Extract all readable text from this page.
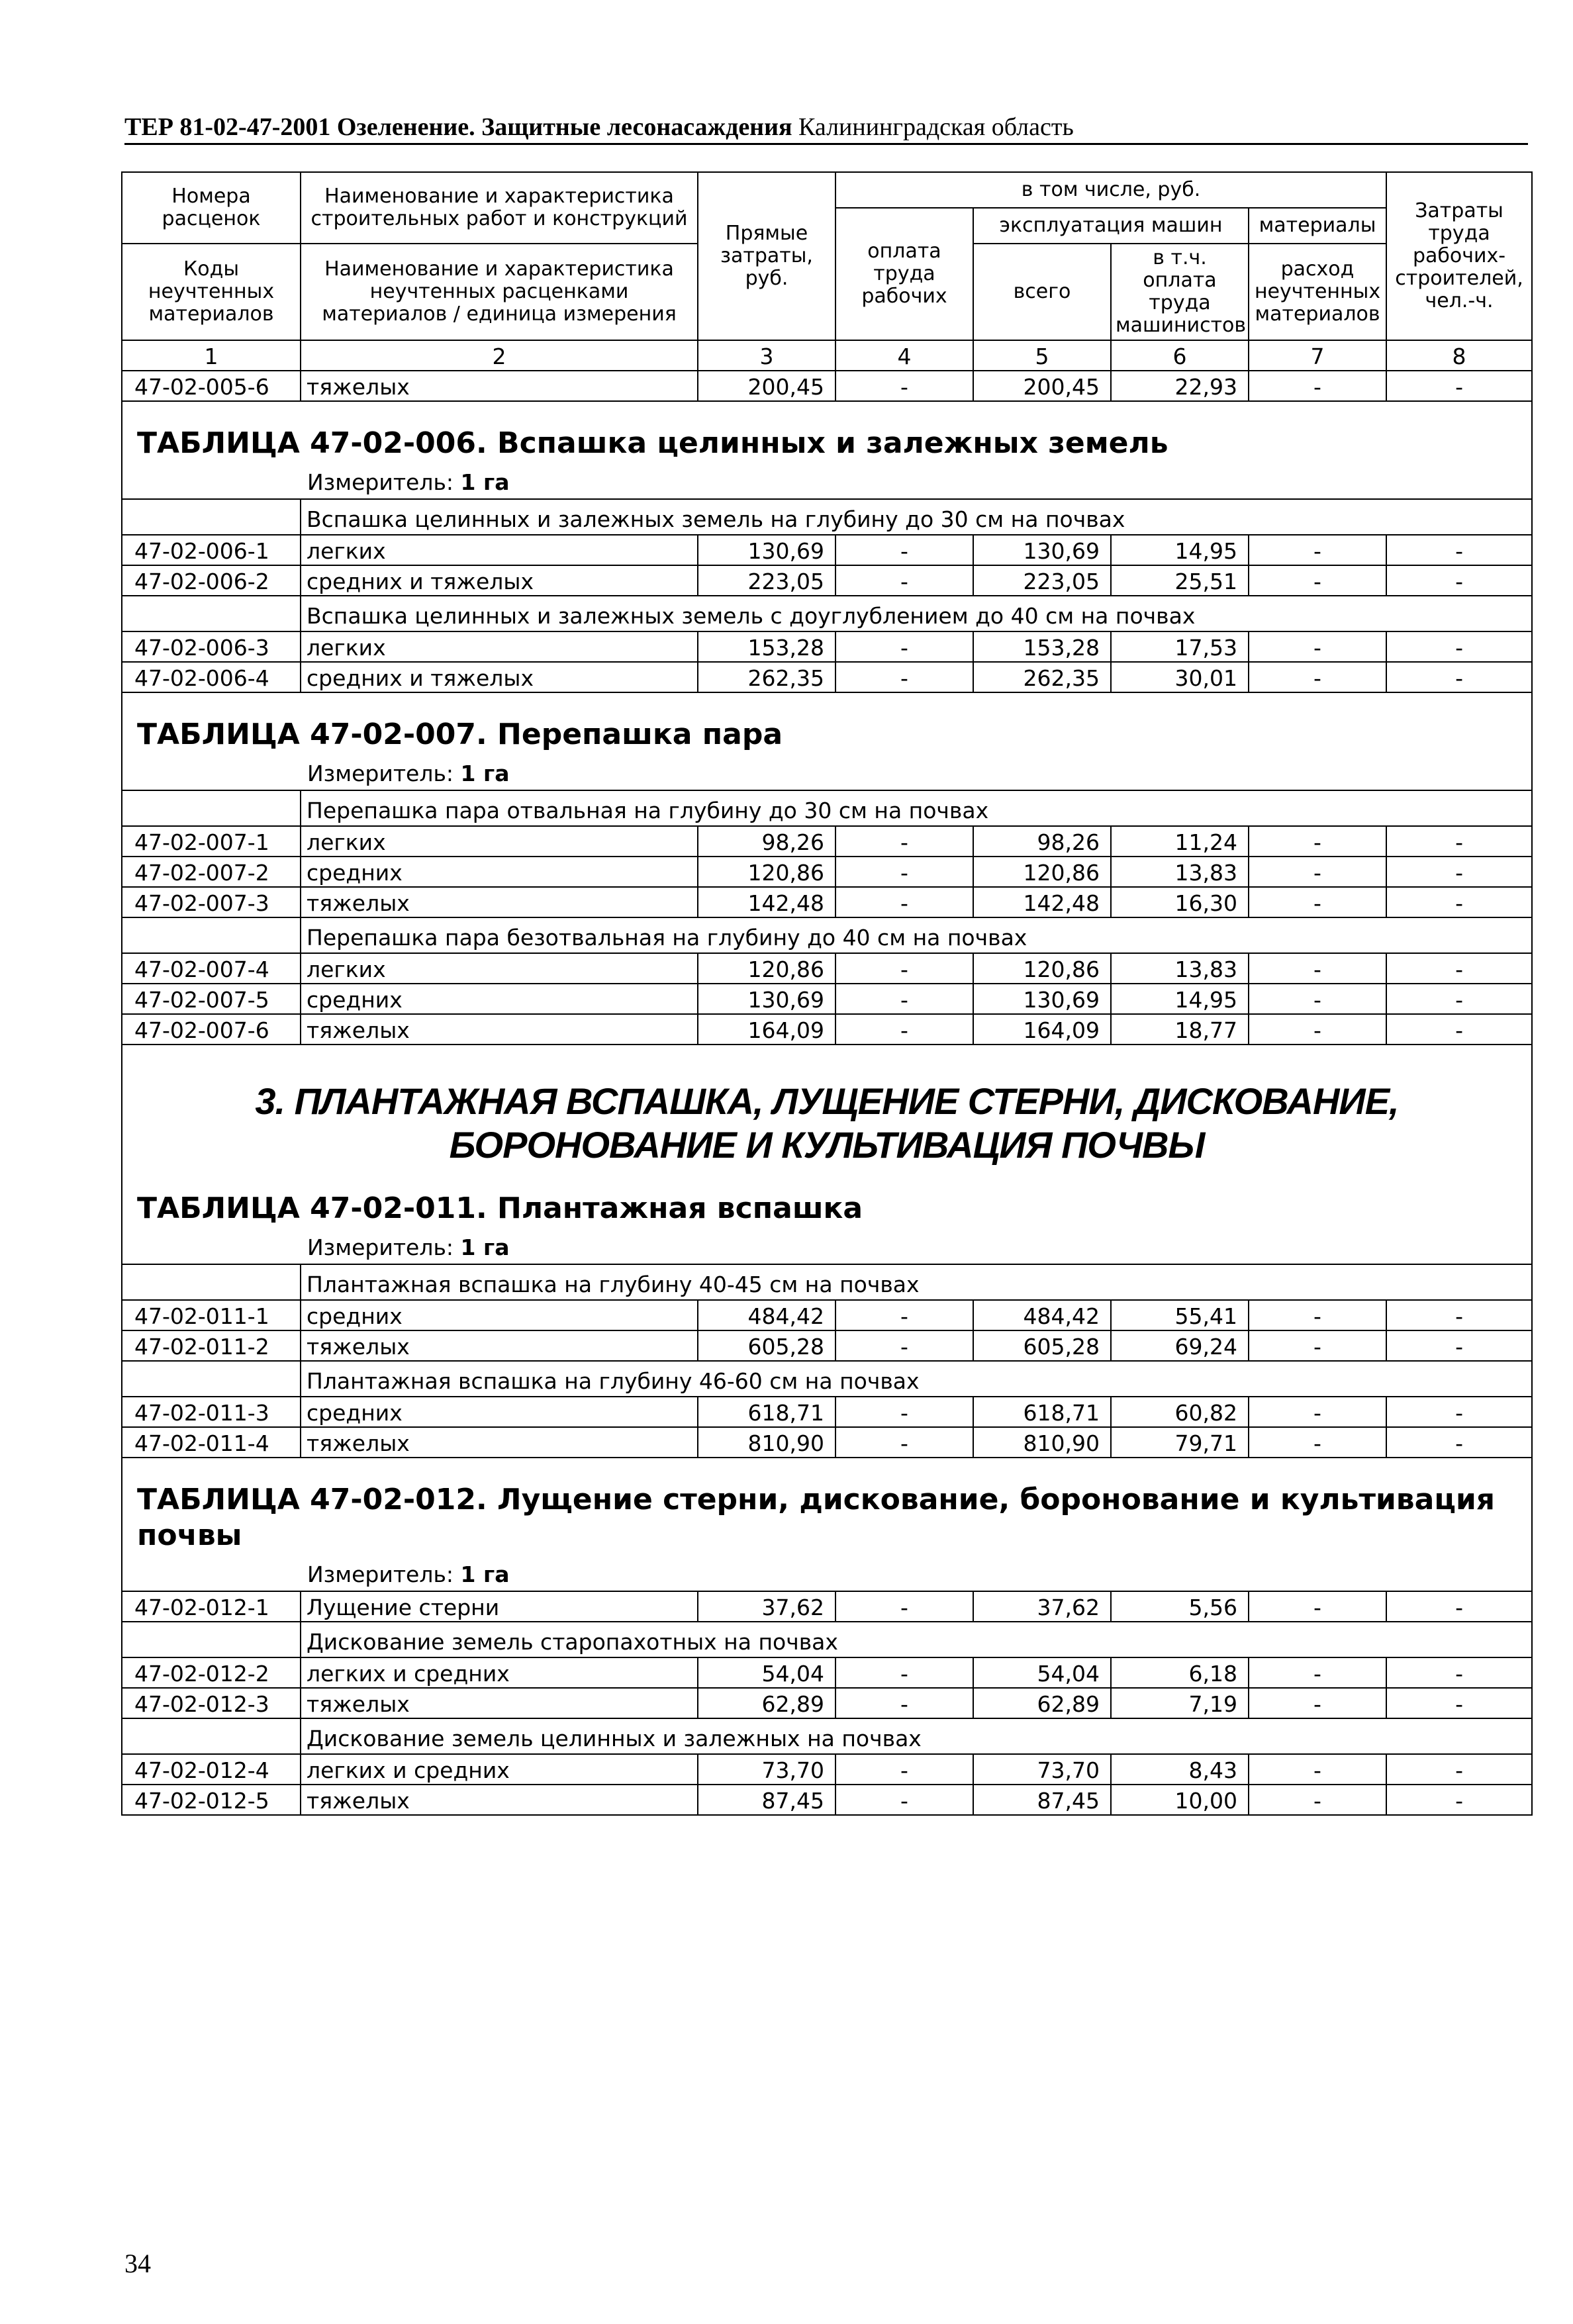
ТЕР 81-02-47-2001 Озеленение. Защитные лесонасаждения Калининградская область
Номера расценок	Наименование и характеристика строительных работ и конструкций	Прямые затраты, руб.	в том числе, руб.				Затраты труда рабочих-строителей, чел.-ч.
			оплата труда рабочих	эксплуатация машин		материалы	
Коды неучтенных материалов	Наименование и характеристика неучтенных расценками материалов / единица измерения			всего	в т.ч. оплата труда машинистов	расход неучтенных материалов	

1	2	3	4	5	6	7	8
47-02-005-6	тяжелых	200,45	-	200,45	22,93	-	-

ТАБЛИЦА 47-02-006. Вспашка целинных и залежных земель
Измеритель: 1 га							

	Вспашка целинных и залежных земель на глубину до 30 см на почвах						
47-02-006-1	легких	130,69	-	130,69	14,95	-	-
47-02-006-2	средних и тяжелых	223,05	-	223,05	25,51	-	-
	Вспашка целинных и залежных земель с доуглублением до 40 см на почвах						
47-02-006-3	легких	153,28	-	153,28	17,53	-	-
47-02-006-4	средних и тяжелых	262,35	-	262,35	30,01	-	-

ТАБЛИЦА 47-02-007. Перепашка пара
Измеритель: 1 га							

	Перепашка пара отвальная на глубину до 30 см на почвах						
47-02-007-1	легких	98,26	-	98,26	11,24	-	-
47-02-007-2	средних	120,86	-	120,86	13,83	-	-
47-02-007-3	тяжелых	142,48	-	142,48	16,30	-	-
	Перепашка пара безотвальная на глубину до 40 см на почвах						
47-02-007-4	легких	120,86	-	120,86	13,83	-	-
47-02-007-5	средних	130,69	-	130,69	14,95	-	-
47-02-007-6	тяжелых	164,09	-	164,09	18,77	-	-

3. ПЛАНТАЖНАЯ ВСПАШКА, ЛУЩЕНИЕ СТЕРНИ, ДИСКОВАНИЕ, БОРОНОВАНИЕ И КУЛЬТИВАЦИЯ ПОЧВЫ
ТАБЛИЦА 47-02-011. Плантажная вспашка
Измеритель: 1 га							

	Плантажная вспашка на глубину 40-45 см на почвах						
47-02-011-1	средних	484,42	-	484,42	55,41	-	-
47-02-011-2	тяжелых	605,28	-	605,28	69,24	-	-
	Плантажная вспашка на глубину 46-60 см на почвах						
47-02-011-3	средних	618,71	-	618,71	60,82	-	-
47-02-011-4	тяжелых	810,90	-	810,90	79,71	-	-

ТАБЛИЦА 47-02-012. Лущение стерни, дискование, боронование и культивация почвы
Измеритель: 1 га							

47-02-012-1	Лущение стерни	37,62	-	37,62	5,56	-	-
	Дискование земель старопахотных на почвах						
47-02-012-2	легких и средних	54,04	-	54,04	6,18	-	-
47-02-012-3	тяжелых	62,89	-	62,89	7,19	-	-
	Дискование земель целинных и залежных на почвах						
47-02-012-4	легких и средних	73,70	-	73,70	8,43	-	-
47-02-012-5	тяжелых	87,45	-	87,45	10,00	-	-
34
